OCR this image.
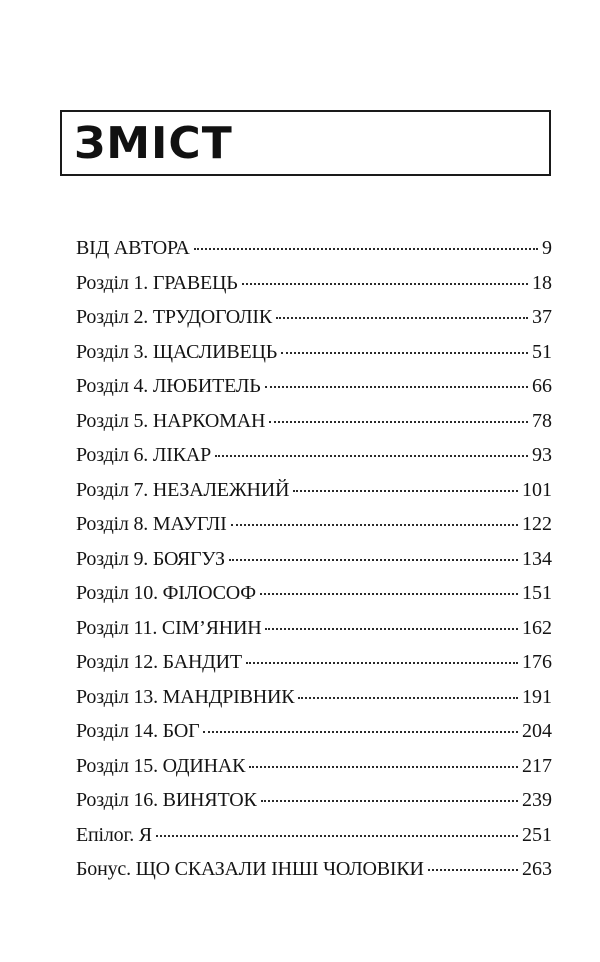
ЗМІСТ
ВІД АВТОРА	9
Розділ 1. ГРАВЕЦЬ	18
Розділ 2. ТРУДОГОЛІК	37
Розділ 3. ЩАСЛИВЕЦЬ	51
Розділ 4. ЛЮБИТЕЛЬ	66
Розділ 5. НАРКОМАН	78
Розділ 6. ЛІКАР	93
Розділ 7. НЕЗАЛЕЖНИЙ	101
Розділ 8. МАУГЛІ	122
Розділ 9. БОЯГУЗ	134
Розділ 10. ФІЛОСОФ	151
Розділ 11. СІМ’ЯНИН	162
Розділ 12. БАНДИТ	176
Розділ 13. МАНДРІВНИК	191
Розділ 14. БОГ	204
Розділ 15. ОДИНАК	217
Розділ 16. ВИНЯТОК	239
Епілог. Я	251
Бонус. ЩО СКАЗАЛИ ІНШІ ЧОЛОВІКИ	263
